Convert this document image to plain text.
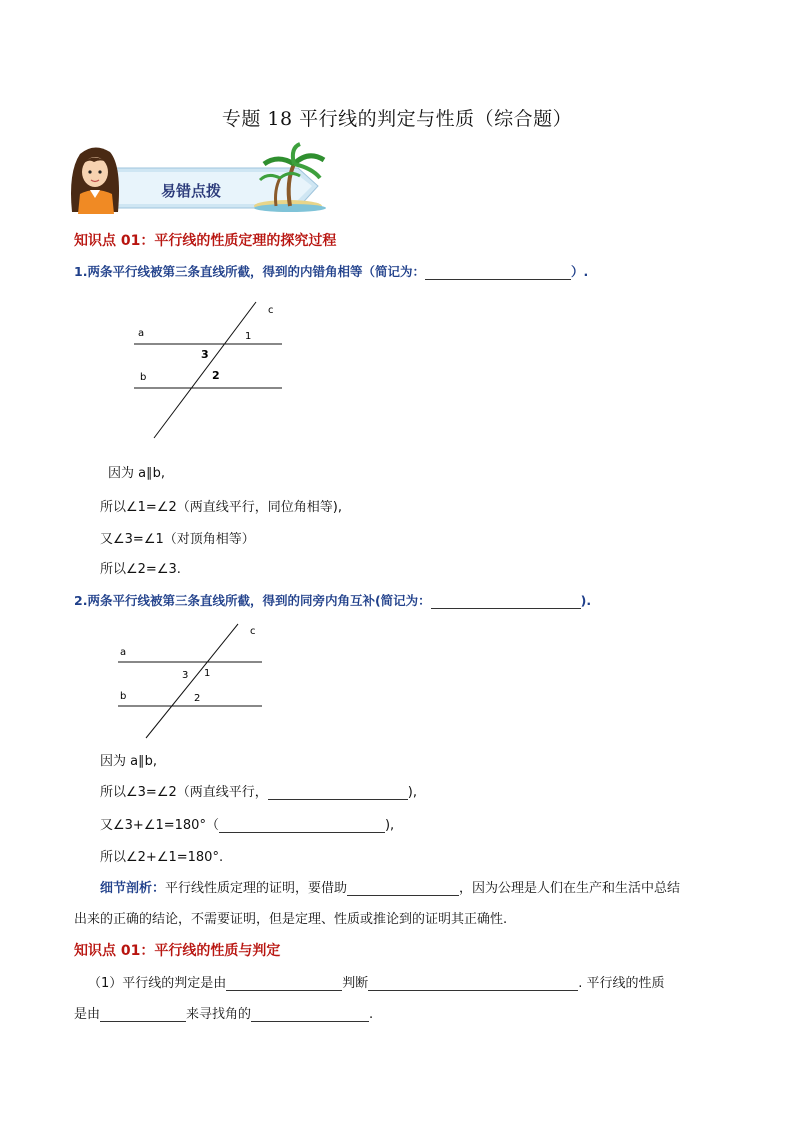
专题 18 平行线的判定与性质（综合题）
易错点拨
知识点 01：平行线的性质定理的探究过程
1.两条平行线被第三条直线所截，得到的内错角相等（简记为：	）.
a
b
c
1
2
3
因为 a∥b,
所以∠1=∠2（两直线平行，同位角相等),
又∠3=∠1（对顶角相等）
所以∠2=∠3.
2.两条平行线被第三条直线所截，得到的同旁内角互补(简记为：	).
a
b
c
1
2
3
因为 a∥b,
所以∠3=∠2（两直线平行，	),
又∠3+∠1=180°（	),
所以∠2+∠1=180°.
细节剖析：平行线性质定理的证明，要借助	，因为公理是人们在生产和生活中总结
出来的正确的结论，不需要证明，但是定理、性质或推论到的证明其正确性.
知识点 01：平行线的性质与判定
（1）平行线的判定是由	判断	. 平行线的性质
是由	来寻找角的	.
